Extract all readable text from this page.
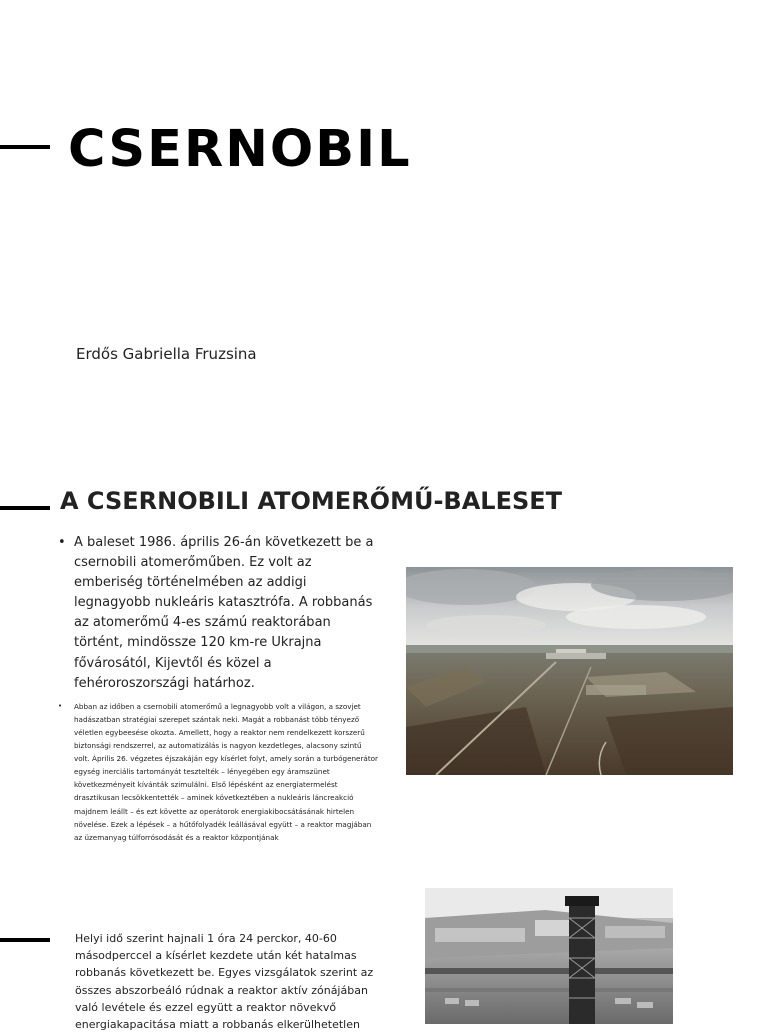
CSERNOBIL
Erdős Gabriella Fruzsina
A CSERNOBILI ATOMERŐMŰ-BALESET
• A baleset 1986. április 26-án következett be a csernobili atomerőműben. Ez volt az emberiség történelmében az addigi legnagyobb nukleáris katasztrófa. A robbanás az atomerőmű 4-es számú reaktorában történt, mindössze 120 km-re Ukrajna fővárosától, Kijevtől és közel a fehéroroszországi határhoz.
• Abban az időben a csernobili atomerőmű a legnagyobb volt a világon, a szovjet hadászatban stratégiai szerepet szántak neki. Magát a robbanást több tényező véletlen egybeesése okozta. Amellett, hogy a reaktor nem rendelkezett korszerű biztonsági rendszerrel, az automatizálás is nagyon kezdetleges, alacsony szintű volt. Április 26. végzetes éjszakáján egy kísérlet folyt, amely során a turbógenerátor egység inerciális tartományát tesztelték – lényegében egy áramszünet következményeit kívánták szimulálni. Első lépésként az energiatermelést drasztikusan lecsökkentették – aminek következtében a nukleáris láncreakció majdnem leállt – és ezt követte az operátorok energiakibocsátásának hirtelen növelése. Ezek a lépések – a hűtőfolyadék leállásával együtt – a reaktor magjában az üzemanyag túlforrósodását és a reaktor központjának
Helyi idő szerint hajnali 1 óra 24 perckor, 40-60 másodperccel a kísérlet kezdete után két hatalmas robbanás következett be. Egyes vizsgálatok szerint az összes abszorbeáló rúdnak a reaktor aktív zónájában való levétele és ezzel együtt a reaktor növekvő energiakapacitása miatt a robbanás elkerülhetetlen
